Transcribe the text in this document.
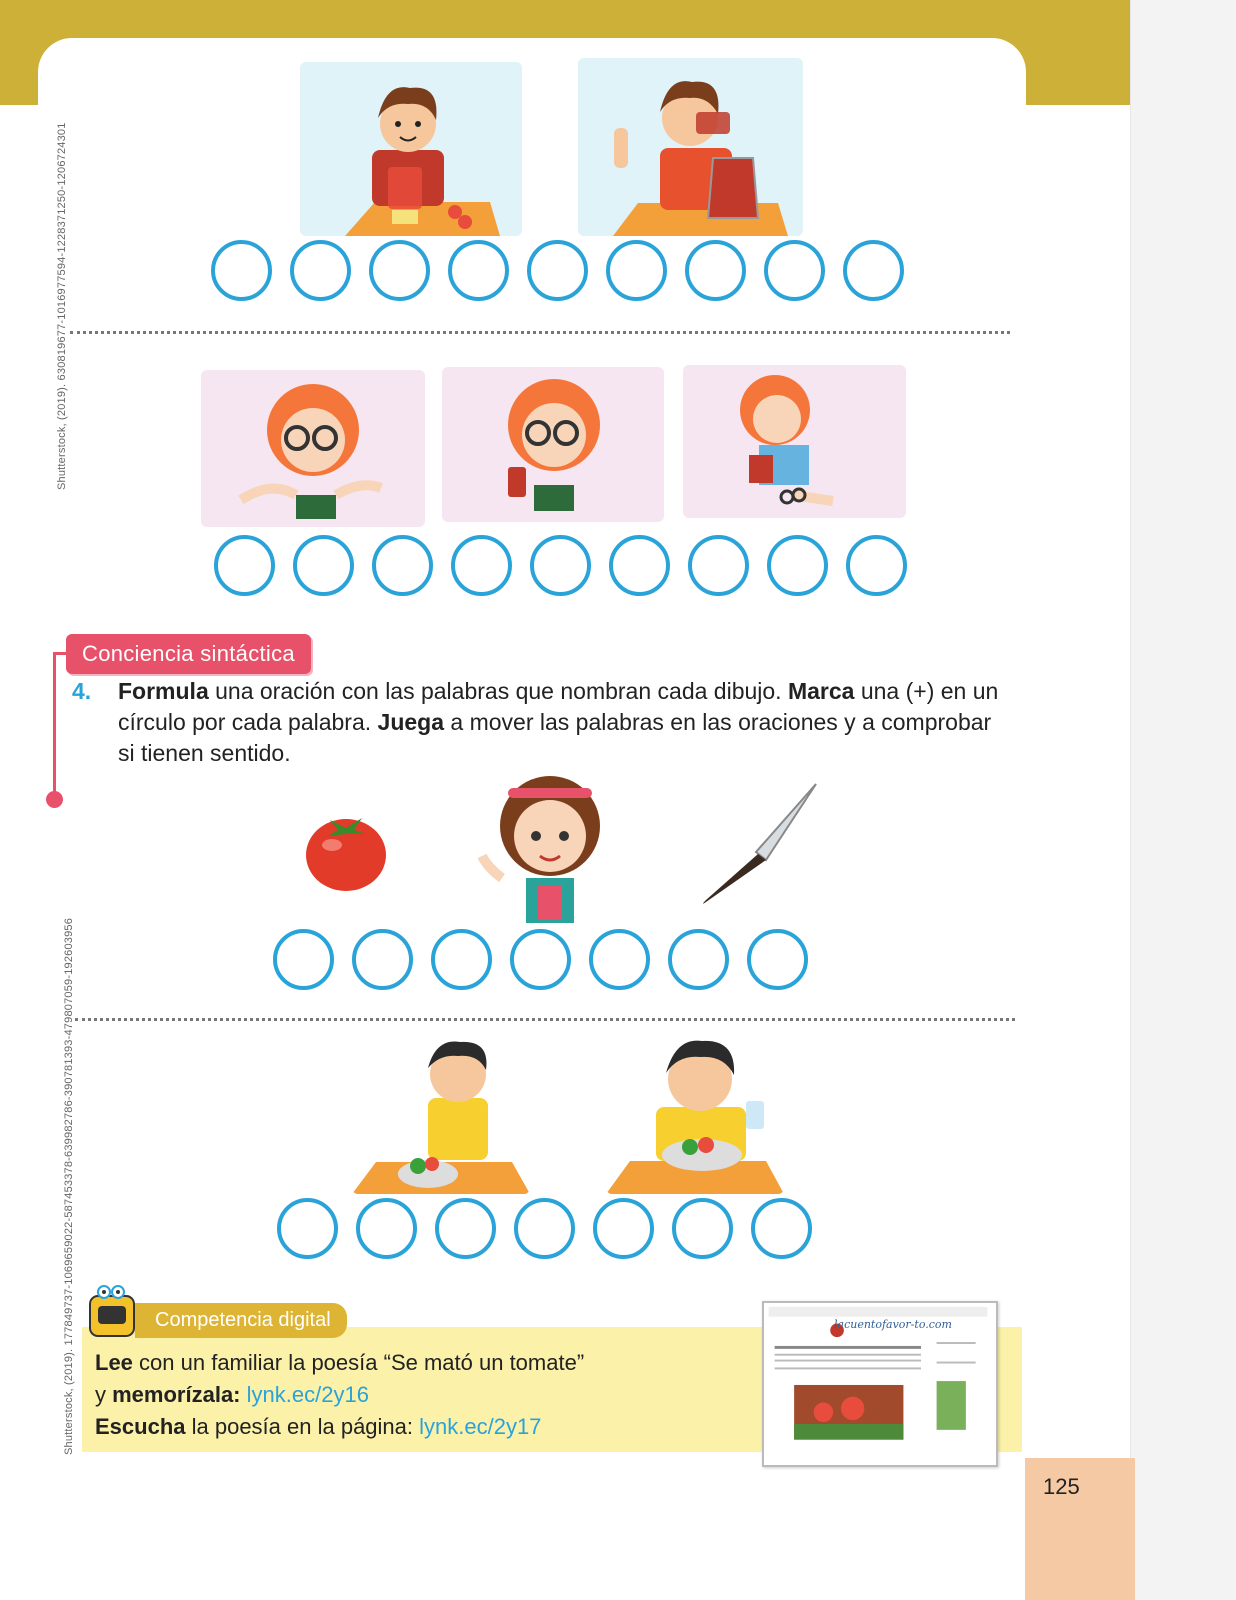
Shutterstock, (2019). 630819677-1016977594-1228371250-1206724301
Shutterstock, (2019). 177849737-1069659022-587453378-639982786-390781393-479807059-192603956
Conciencia sintáctica
4. Formula una oración con las palabras que nombran cada dibujo. Marca una (+) en un círculo por cada palabra. Juega a mover las palabras en las oraciones y a comprobar si tienen sentido.
Competencia digital
Lee con un familiar la poesía “Se mató un tomate”
y memorízala: lynk.ec/2y16
Escucha la poesía en la página: lynk.ec/2y17
lacuentofavor-to.com
125
